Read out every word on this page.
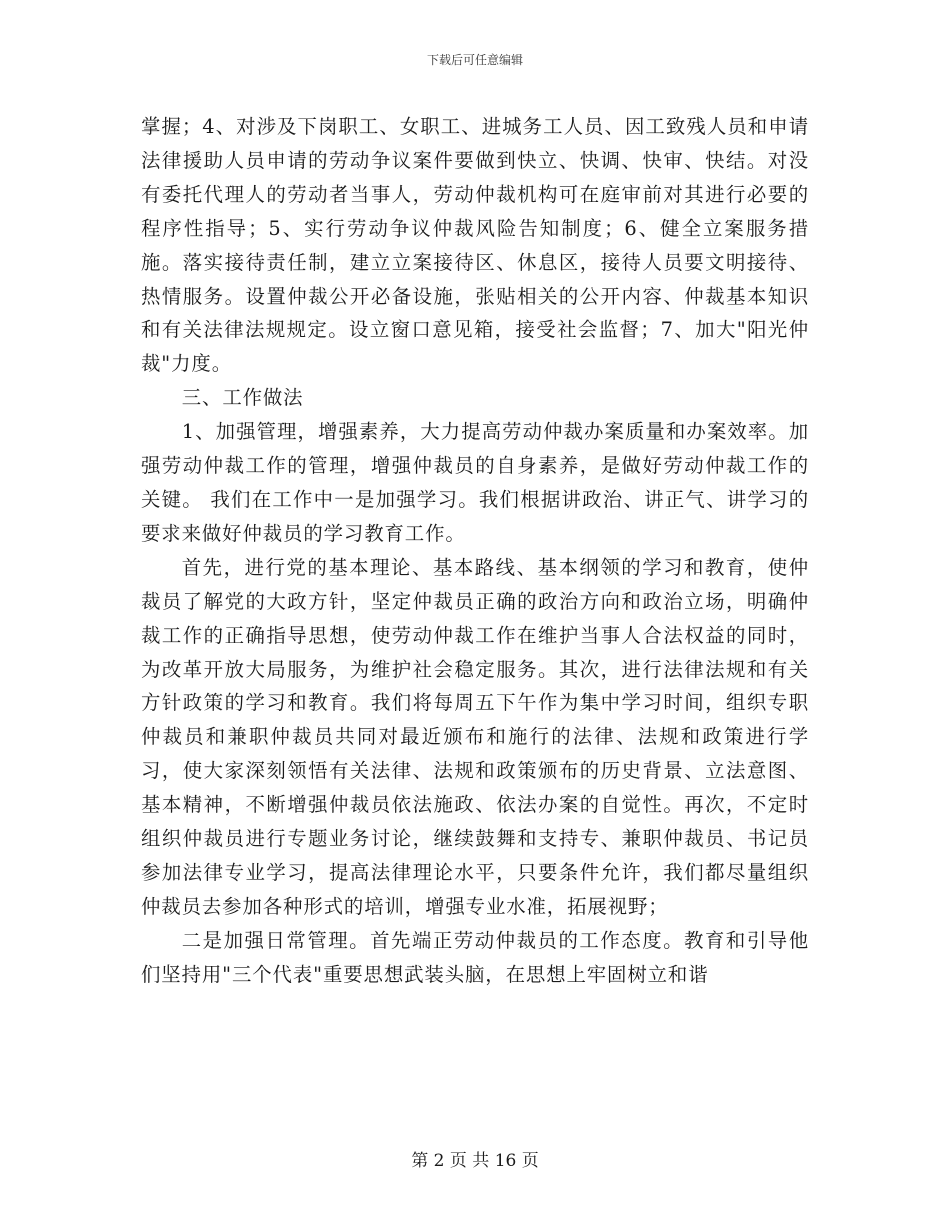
下载后可任意编辑

掌握；4、对涉及下岗职工、女职工、进城务工人员、因工致残人员和申请法律援助人员申请的劳动争议案件要做到快立、快调、快审、快结。对没有委托代理人的劳动者当事人，劳动仲裁机构可在庭审前对其进行必要的程序性指导；5、实行劳动争议仲裁风险告知制度；6、健全立案服务措施。落实接待责任制，建立立案接待区、休息区，接待人员要文明接待、热情服务。设置仲裁公开必备设施，张贴相关的公开内容、仲裁基本知识和有关法律法规规定。设立窗口意见箱，接受社会监督；7、加大"阳光仲裁"力度。

三、工作做法

1、加强管理，增强素养，大力提高劳动仲裁办案质量和办案效率。加强劳动仲裁工作的管理，增强仲裁员的自身素养，是做好劳动仲裁工作的关键。 我们在工作中一是加强学习。我们根据讲政治、讲正气、讲学习的要求来做好仲裁员的学习教育工作。

首先，进行党的基本理论、基本路线、基本纲领的学习和教育，使仲裁员了解党的大政方针，坚定仲裁员正确的政治方向和政治立场，明确仲裁工作的正确指导思想，使劳动仲裁工作在维护当事人合法权益的同时，为改革开放大局服务，为维护社会稳定服务。其次，进行法律法规和有关方针政策的学习和教育。我们将每周五下午作为集中学习时间，组织专职仲裁员和兼职仲裁员共同对最近颁布和施行的法律、法规和政策进行学习，使大家深刻领悟有关法律、法规和政策颁布的历史背景、立法意图、基本精神，不断增强仲裁员依法施政、依法办案的自觉性。再次，不定时组织仲裁员进行专题业务讨论，继续鼓舞和支持专、兼职仲裁员、书记员参加法律专业学习，提高法律理论水平，只要条件允许，我们都尽量组织仲裁员去参加各种形式的培训，增强专业水准，拓展视野；

二是加强日常管理。首先端正劳动仲裁员的工作态度。教育和引导他们坚持用"三个代表"重要思想武装头脑，在思想上牢固树立和谐

第 2 页 共 16 页
